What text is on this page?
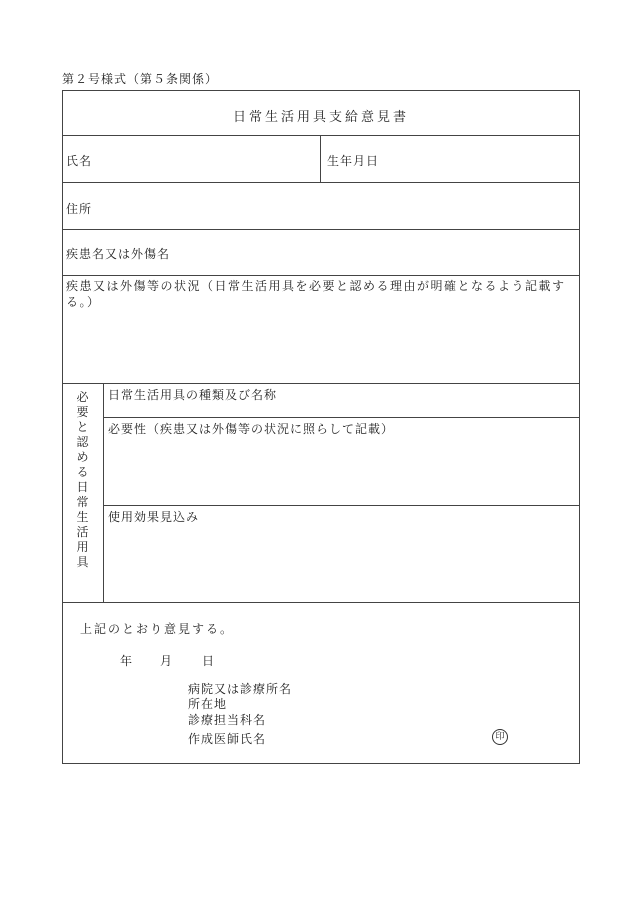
第２号様式（第５条関係）
日常生活用具支給意見書
氏名	生年月日
住所
疾患名又は外傷名
疾患又は外傷等の状況（日常生活用具を必要と認める理由が明確となるよう記載する。）
必
要
と
認
め
る
日
常
生
活
用
具
日常生活用具の種類及び名称
必要性（疾患又は外傷等の状況に照らして記載）
使用効果見込み
上記のとおり意見する。
年 月 日
病院又は診療所名
所在地
診療担当科名
作成医師氏名	印
